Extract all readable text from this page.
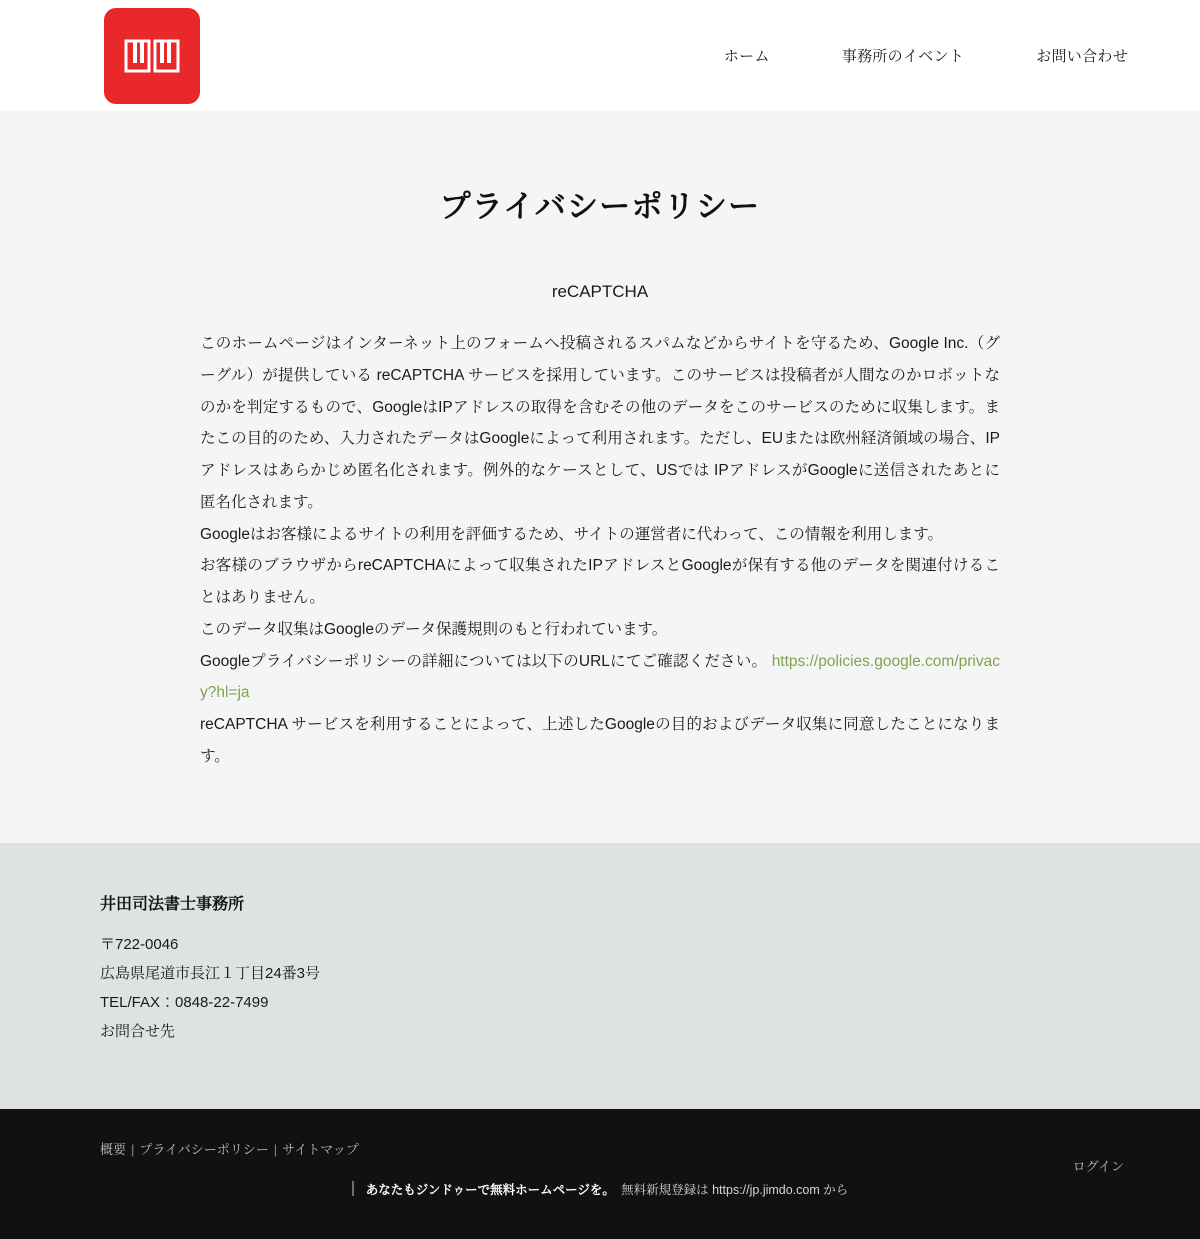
ホーム	事務所のイベント	お問い合わせ
プライバシーポリシー
reCAPTCHA

このホームページはインターネット上のフォームへ投稿されるスパムなどからサイトを守るため、Google Inc.（グーグル）が提供している reCAPTCHA サービスを採用しています。このサービスは投稿者が人間なのかロボットなのかを判定するもので、GoogleはIPアドレスの取得を含むその他のデータをこのサービスのために収集します。またこの目的のため、入力されたデータはGoogleによって利用されます。ただし、EUまたは欧州経済領域の場合、IPアドレスはあらかじめ匿名化されます。例外的なケースとして、USでは IPアドレスがGoogleに送信されたあとに匿名化されます。

Googleはお客様によるサイトの利用を評価するため、サイトの運営者に代わって、この情報を利用します。

お客様のブラウザからreCAPTCHAによって収集されたIPアドレスとGoogleが保有する他のデータを関連付けることはありません。

このデータ収集はGoogleのデータ保護規則のもと行われています。

Googleプライバシーポリシーの詳細については以下のURLにてご確認ください。 https://policies.google.com/privacy?hl=ja

reCAPTCHA サービスを利用することによって、上述したGoogleの目的およびデータ収集に同意したことになります。

井田司法書士事務所

〒722-0046

広島県尾道市長江１丁目24番3号

TEL/FAX：0848-22-7499

お問合せ先

概要 | プライバシーポリシー | サイトマップ
ログイン
あなたもジンドゥーで無料ホームページを。　無料新規登録は https://jp.jimdo.com から
